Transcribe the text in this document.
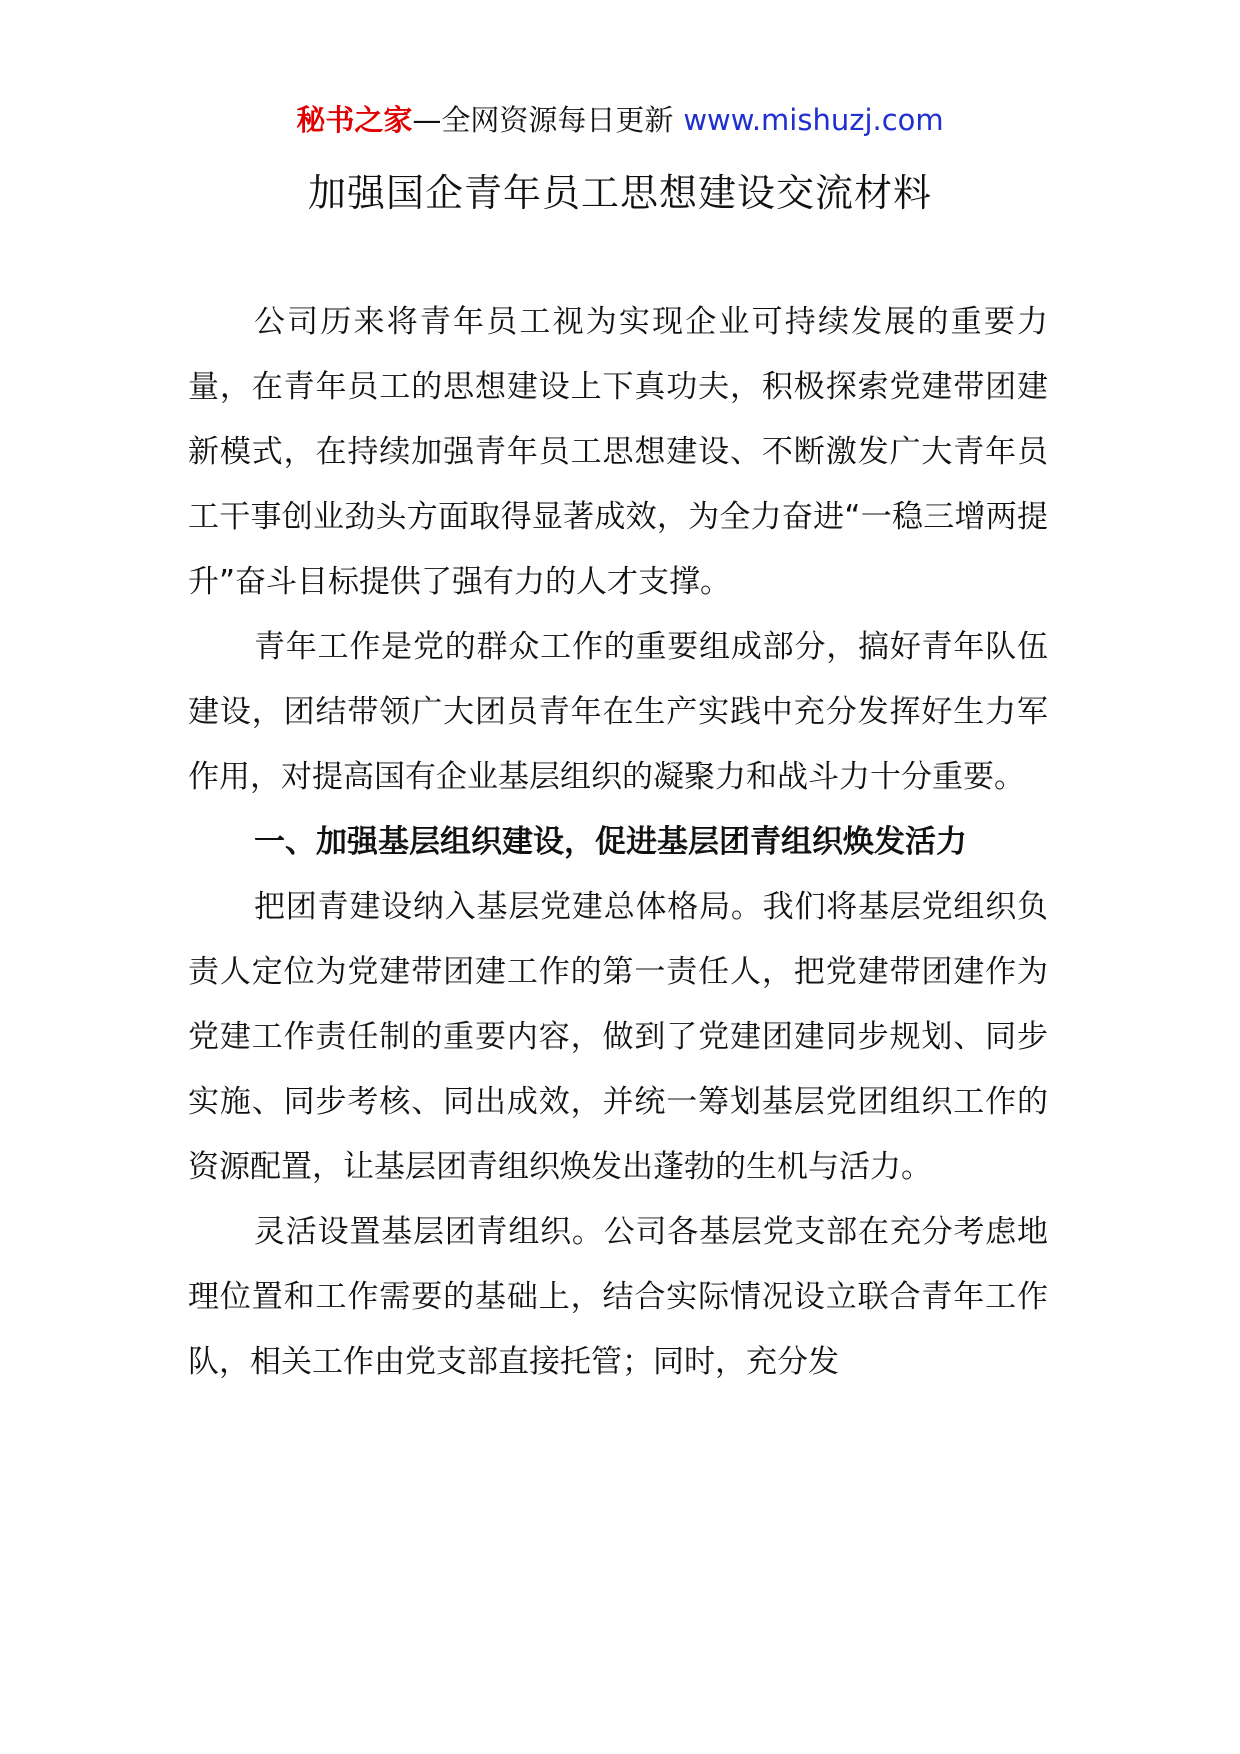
秘书之家—全网资源每日更新 www.mishuzj.com
加强国企青年员工思想建设交流材料

公司历来将青年员工视为实现企业可持续发展的重要力量，在青年员工的思想建设上下真功夫，积极探索党建带团建新模式，在持续加强青年员工思想建设、不断激发广大青年员工干事创业劲头方面取得显著成效，为全力奋进“一稳三增两提升”奋斗目标提供了强有力的人才支撑。

青年工作是党的群众工作的重要组成部分，搞好青年队伍建设，团结带领广大团员青年在生产实践中充分发挥好生力军作用，对提高国有企业基层组织的凝聚力和战斗力十分重要。

一、加强基层组织建设，促进基层团青组织焕发活力

把团青建设纳入基层党建总体格局。我们将基层党组织负责人定位为党建带团建工作的第一责任人，把党建带团建作为党建工作责任制的重要内容，做到了党建团建同步规划、同步实施、同步考核、同出成效，并统一筹划基层党团组织工作的资源配置，让基层团青组织焕发出蓬勃的生机与活力。

灵活设置基层团青组织。公司各基层党支部在充分考虑地理位置和工作需要的基础上，结合实际情况设立联合青年工作队，相关工作由党支部直接托管；同时，充分发
